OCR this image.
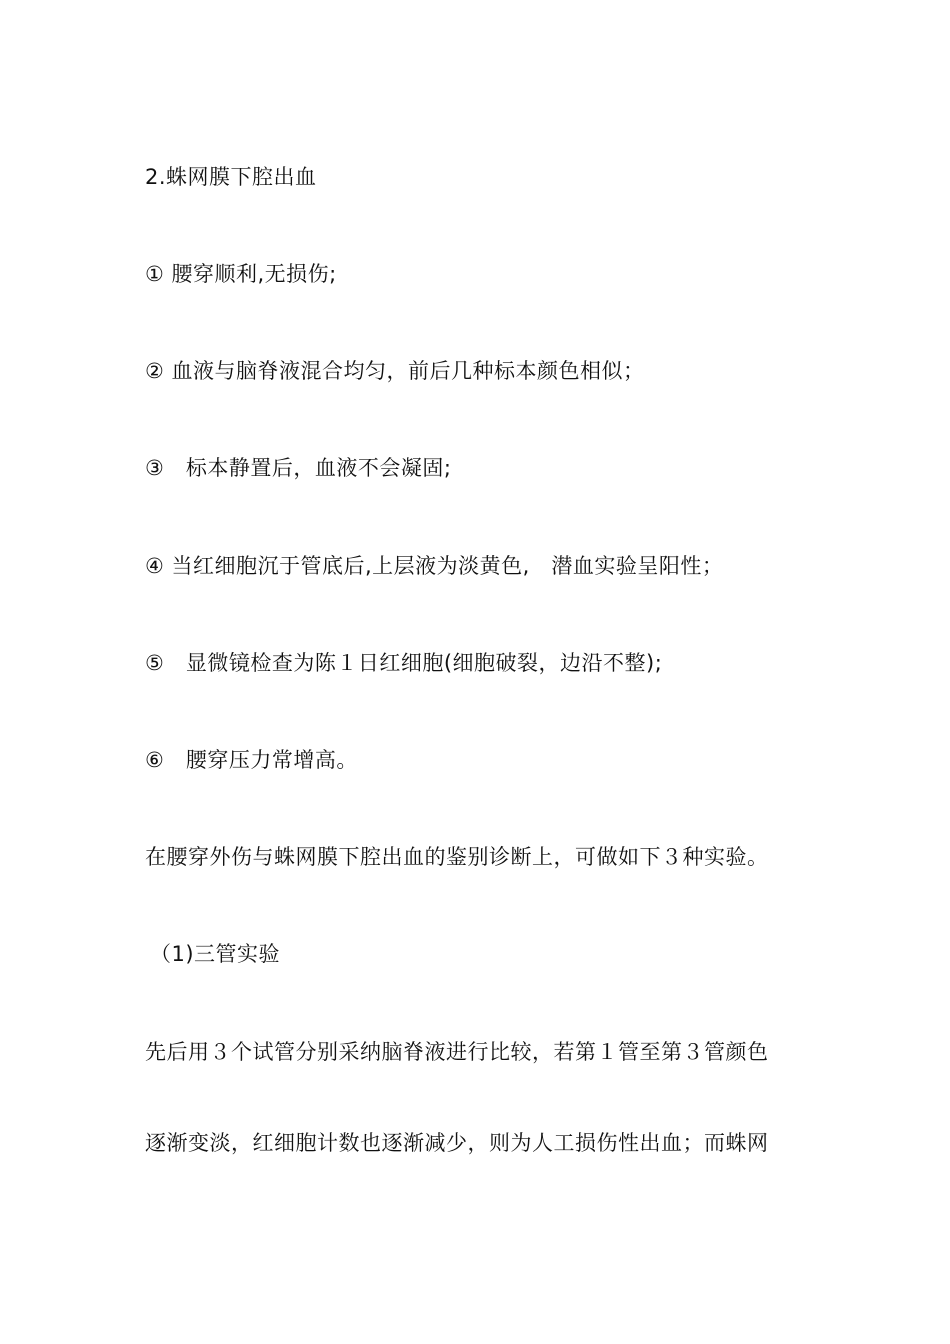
2.蛛网膜下腔出血
① 腰穿顺利,无损伤;
② 血液与脑脊液混合均匀，前后几种标本颜色相似；
③　标本静置后，血液不会凝固;
④ 当红细胞沉于管底后,上层液为淡黄色,　潜血实验呈阳性；
⑤　显微镜检查为陈１日红细胞(细胞破裂，边沿不整);
⑥　腰穿压力常增高。
在腰穿外伤与蛛网膜下腔出血的鉴别诊断上，可做如下３种实验。
（1)三管实验
先后用３个试管分别采纳脑脊液进行比较，若第１管至第３管颜色
逐渐变淡，红细胞计数也逐渐减少，则为人工损伤性出血；而蛛网
